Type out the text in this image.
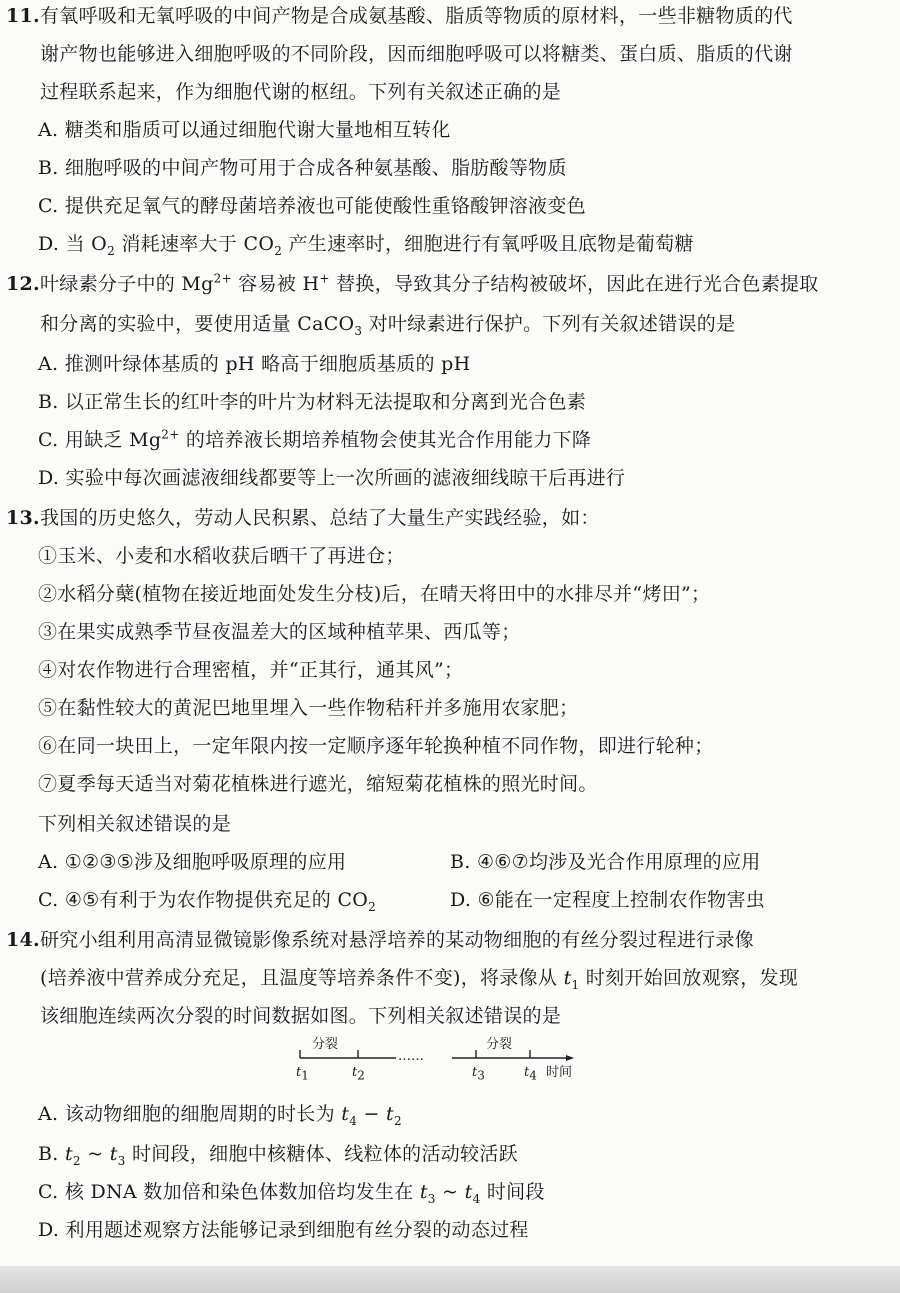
11.有氧呼吸和无氧呼吸的中间产物是合成氨基酸、脂质等物质的原材料，一些非糖物质的代
谢产物也能够进入细胞呼吸的不同阶段，因而细胞呼吸可以将糖类、蛋白质、脂质的代谢
过程联系起来，作为细胞代谢的枢纽。下列有关叙述正确的是
A. 糖类和脂质可以通过细胞代谢大量地相互转化
B. 细胞呼吸的中间产物可用于合成各种氨基酸、脂肪酸等物质
C. 提供充足氧气的酵母菌培养液也可能使酸性重铬酸钾溶液变色
D. 当 $O_2$ 消耗速率大于 $CO_2$ 产生速率时，细胞进行有氧呼吸且底物是葡萄糖
12.叶绿素分子中的 $Mg^{2+}$ 容易被 H+ 替换，导致其分子结构被破坏，因此在进行光合色素提取
和分离的实验中，要使用适量 CaCO$_3$ 对叶绿素进行保护。下列有关叙述错误的是
A. 推测叶绿体基质的 pH 略高于细胞质基质的 pH
B. 以正常生长的红叶李的叶片为材料无法提取和分离到光合色素
C. 用缺乏 $Mg^{2+}$ 的培养液长期培养植物会使其光合作用能力下降
D. 实验中每次画滤液细线都要等上一次所画的滤液细线晾干后再进行
13.我国的历史悠久，劳动人民积累、总结了大量生产实践经验，如：
①玉米、小麦和水稻收获后晒干了再进仓；
②水稻分蘖(植物在接近地面处发生分枝)后，在晴天将田中的水排尽并“烤田”；
③在果实成熟季节昼夜温差大的区域种植苹果、西瓜等；
④对农作物进行合理密植，并“正其行，通其风”；
⑤在黏性较大的黄泥巴地里埋入一些作物秸秆并多施用农家肥；
⑥在同一块田上，一定年限内按一定顺序逐年轮换种植不同作物，即进行轮种；
⑦夏季每天适当对菊花植株进行遮光，缩短菊花植株的照光时间。
下列相关叙述错误的是
A. ①②③⑤涉及细胞呼吸原理的应用	B. ④⑥⑦均涉及光合作用原理的应用
C. ④⑤有利于为农作物提供充足的 $CO_2$	D. ⑥能在一定程度上控制农作物害虫
14.研究小组利用高清显微镜影像系统对悬浮培养的某动物细胞的有丝分裂过程进行录像
(培养液中营养成分充足，且温度等培养条件不变)，将录像从 $t_1$ 时刻开始回放观察，发现
该细胞连续两次分裂的时间数据如图。下列相关叙述错误的是
分裂	分裂
……
$t_1$	$t_2$	$t_3$	$t_4$ 时间
A. 该动物细胞的细胞周期的时长为 $t_4 - t_2$
B. $t_2$ ~ $t_3$ 时间段，细胞中核糖体、线粒体的活动较活跃
C. 核 DNA 数加倍和染色体数加倍均发生在 $t_3$ ~ $t_4$ 时间段
D. 利用题述观察方法能够记录到细胞有丝分裂的动态过程
